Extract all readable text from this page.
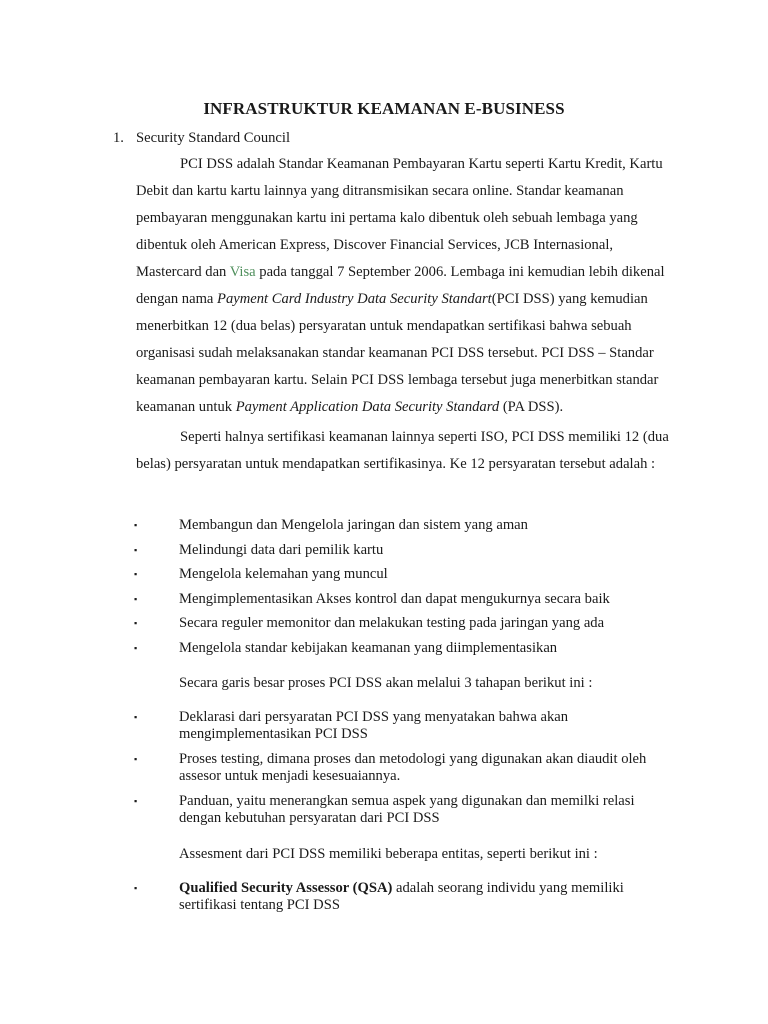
INFRASTRUKTUR KEAMANAN E-BUSINESS

1. Security Standard Council

PCI DSS adalah Standar Keamanan Pembayaran Kartu seperti Kartu Kredit, Kartu Debit dan kartu kartu lainnya yang ditransmisikan secara online. Standar keamanan pembayaran menggunakan kartu ini pertama kalo dibentuk oleh sebuah lembaga yang dibentuk oleh American Express, Discover Financial Services, JCB Internasional, Mastercard dan Visa pada tanggal 7 September 2006. Lembaga ini kemudian lebih dikenal dengan nama Payment Card Industry Data Security Standart(PCI DSS) yang kemudian menerbitkan 12 (dua belas) persyaratan untuk mendapatkan sertifikasi bahwa sebuah organisasi sudah melaksanakan standar keamanan PCI DSS tersebut. PCI DSS – Standar keamanan pembayaran kartu. Selain PCI DSS lembaga tersebut juga menerbitkan standar keamanan untuk Payment Application Data Security Standard (PA DSS).

Seperti halnya sertifikasi keamanan lainnya seperti ISO, PCI DSS memiliki 12 (dua belas) persyaratan untuk mendapatkan sertifikasinya. Ke 12 persyaratan tersebut adalah :

▪	Membangun dan Mengelola jaringan dan sistem yang aman
▪	Melindungi data dari pemilik kartu
▪	Mengelola kelemahan yang muncul
▪	Mengimplementasikan Akses kontrol dan dapat mengukurnya secara baik
▪	Secara reguler memonitor dan melakukan testing pada jaringan yang ada
▪	Mengelola standar kebijakan keamanan yang diimplementasikan

Secara garis besar proses PCI DSS akan melalui 3 tahapan berikut ini :

▪	Deklarasi dari persyaratan PCI DSS yang menyatakan bahwa akan mengimplementasikan PCI DSS
▪	Proses testing, dimana proses dan metodologi yang digunakan akan diaudit oleh assesor untuk menjadi kesesuaiannya.
▪	Panduan, yaitu menerangkan semua aspek yang digunakan dan memilki relasi dengan kebutuhan persyaratan dari PCI DSS

Assesment dari PCI DSS memiliki beberapa entitas, seperti berikut ini :

▪	Qualified Security Assessor (QSA) adalah seorang individu yang memiliki sertifikasi tentang PCI DSS
